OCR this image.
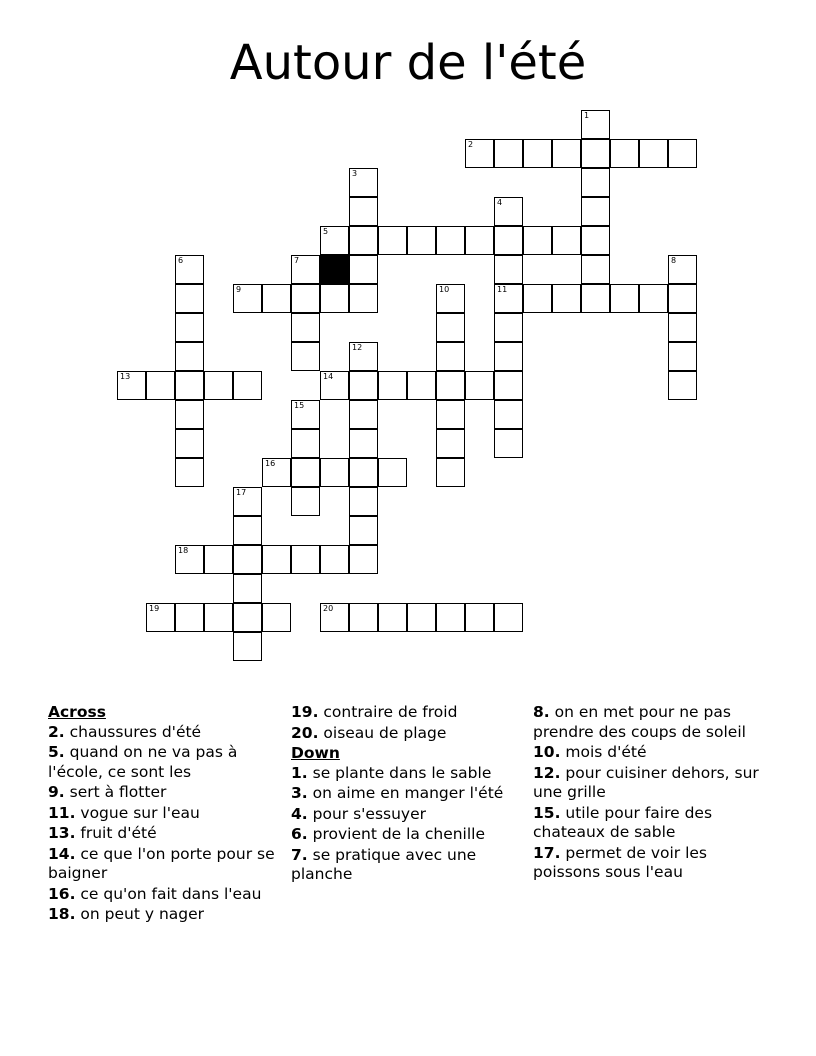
Autour de l'été
1
2
3
4
11
5
6	7	8
9	10
12
13	14
15
16
17
18
19	20
Across
2. chaussures d'été
5. quand on ne va pas à l'école, ce sont les
9. sert à flotter
11. vogue sur l'eau
13. fruit d'été
14. ce que l'on porte pour se baigner
16. ce qu'on fait dans l'eau
18. on peut y nager
19. contraire de froid
20. oiseau de plage
Down
1. se plante dans le sable
3. on aime en manger l'été
4. pour s'essuyer
6. provient de la chenille
7. se pratique avec une planche
8. on en met pour ne pas prendre des coups de soleil
10. mois d'été
12. pour cuisiner dehors, sur une grille
15. utile pour faire des chateaux de sable
17. permet de voir les poissons sous l'eau
